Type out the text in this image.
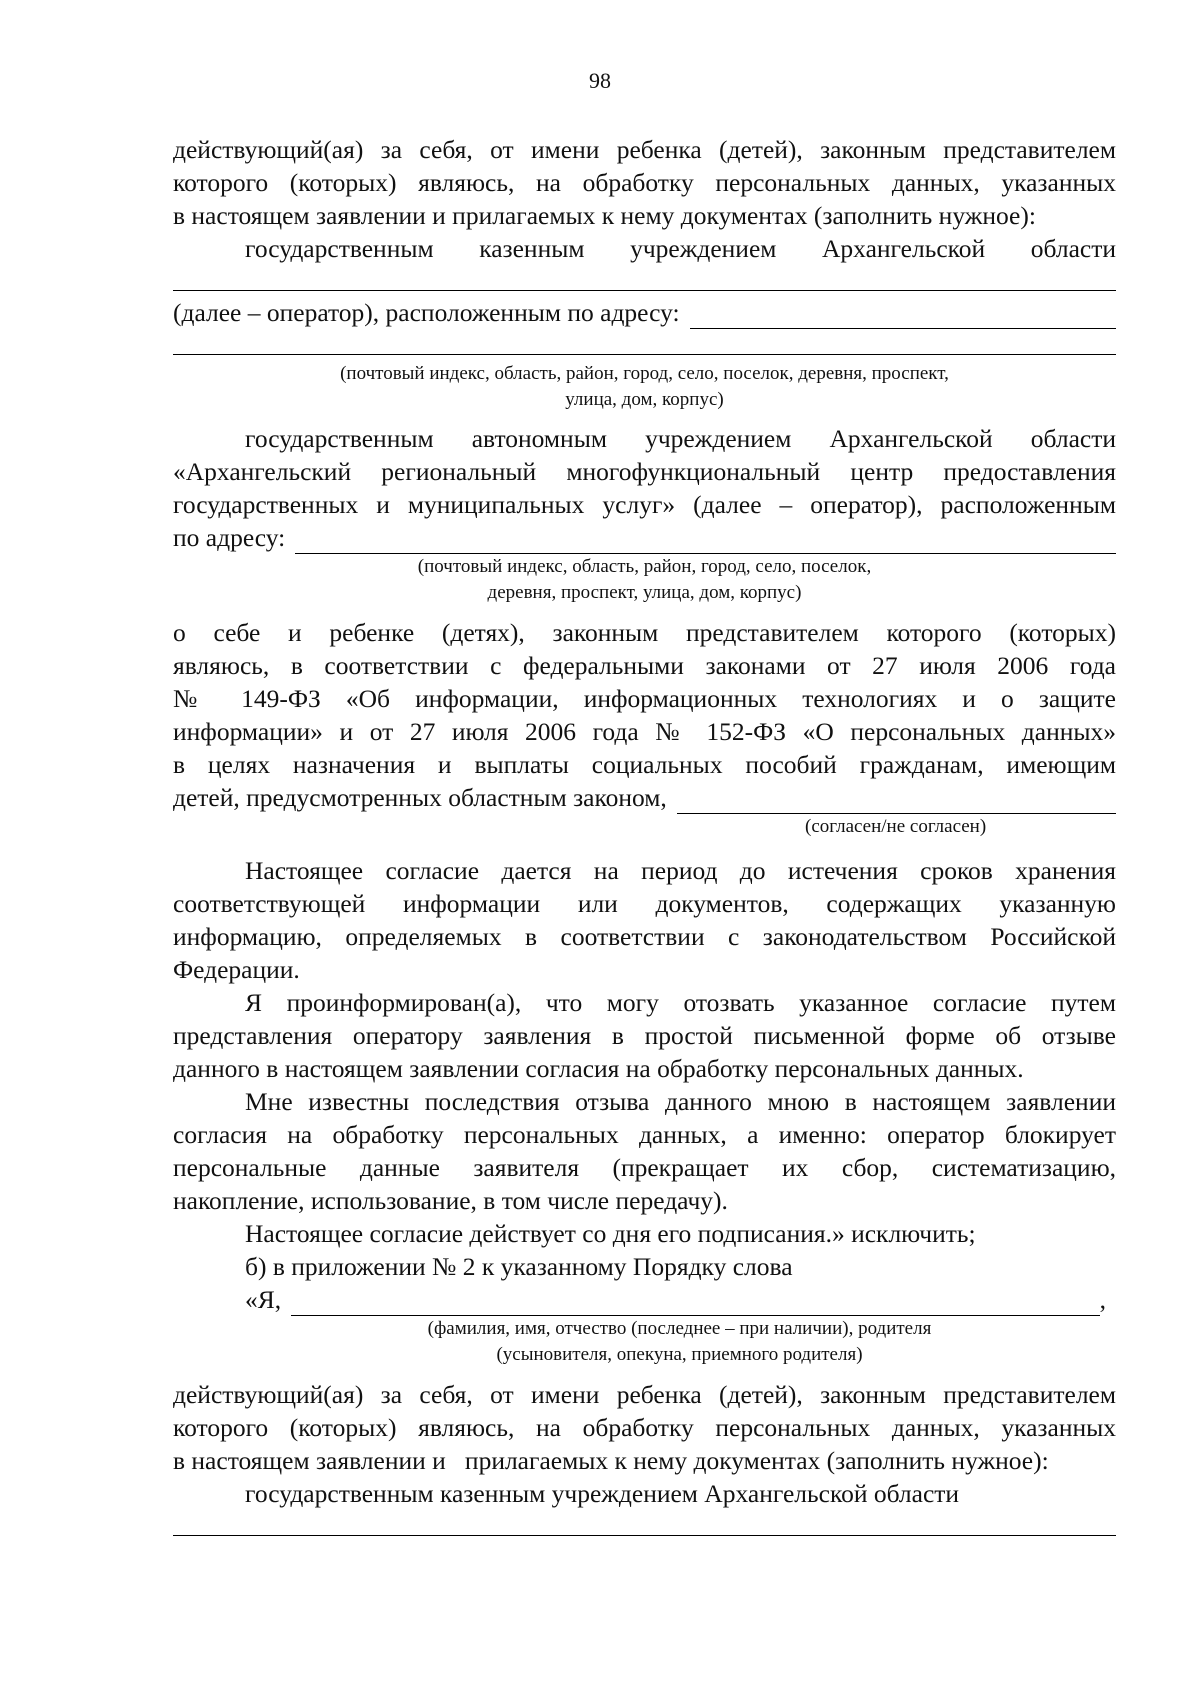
98
действующий(ая) за себя, от имени ребенка (детей), законным представителем
которого (которых) являюсь, на обработку персональных данных, указанных
в настоящем заявлении и прилагаемых к нему документах (заполнить нужное):
государственным казенным учреждением Архангельской области
(далее – оператор), расположенным по адресу:
(почтовый индекс, область, район, город, село, поселок, деревня, проспект,
улица, дом, корпус)
государственным автономным учреждением Архангельской области
«Архангельский региональный многофункциональный центр предоставления
государственных и муниципальных услуг» (далее – оператор), расположенным
по адресу:
(почтовый индекс, область, район, город, село, поселок,
деревня, проспект, улица, дом, корпус)
о себе и ребенке (детях), законным представителем которого (которых)
являюсь, в соответствии с федеральными законами от 27 июля 2006 года
№ 149-ФЗ «Об информации, информационных технологиях и о защите
информации» и от 27 июля 2006 года № 152-ФЗ «О персональных данных»
в целях назначения и выплаты социальных пособий гражданам, имеющим
детей, предусмотренных областным законом,
(согласен/не согласен)
Настоящее согласие дается на период до истечения сроков хранения
соответствующей информации или документов, содержащих указанную
информацию, определяемых в соответствии с законодательством Российской
Федерации.
Я проинформирован(а), что могу отозвать указанное согласие путем
представления оператору заявления в простой письменной форме об отзыве
данного в настоящем заявлении согласия на обработку персональных данных.
Мне известны последствия отзыва данного мною в настоящем заявлении
согласия на обработку персональных данных, а именно: оператор блокирует
персональные данные заявителя (прекращает их сбор, систематизацию,
накопление, использование, в том числе передачу).
Настоящее согласие действует со дня его подписания.» исключить;
б) в приложении № 2 к указанному Порядку слова
«Я,	,
(фамилия, имя, отчество (последнее – при наличии), родителя
(усыновителя, опекуна, приемного родителя)
действующий(ая) за себя, от имени ребенка (детей), законным представителем
которого (которых) являюсь, на обработку персональных данных, указанных
в настоящем заявлении и   прилагаемых к нему документах (заполнить нужное):
государственным казенным учреждением Архангельской области
